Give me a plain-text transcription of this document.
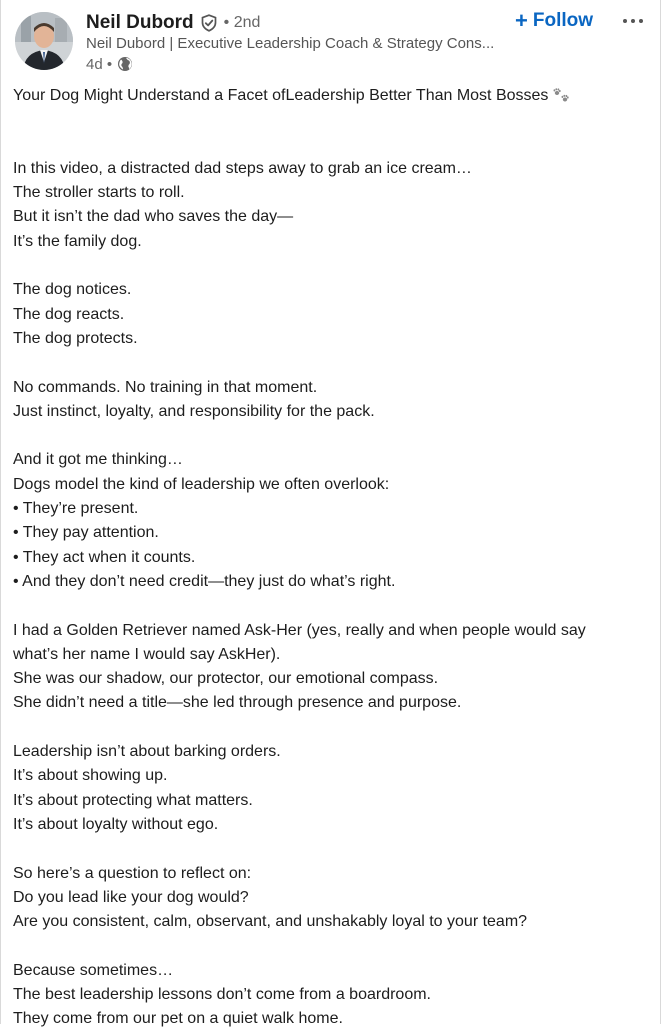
Neil Dubord • 2nd
Neil Dubord | Executive Leadership Coach & Strategy Cons...
4d •
+ Follow
Your Dog Might Understand a Facet ofLeadership Better Than Most Bosses
In this video, a distracted dad steps away to grab an ice cream…
The stroller starts to roll.
But it isn’t the dad who saves the day—
It’s the family dog.
The dog notices.
The dog reacts.
The dog protects.
No commands. No training in that moment.
Just instinct, loyalty, and responsibility for the pack.
And it got me thinking…
Dogs model the kind of leadership we often overlook:
• They’re present.
• They pay attention.
• They act when it counts.
• And they don’t need credit—they just do what’s right.
I had a Golden Retriever named Ask-Her (yes, really and when people would say
what’s her name I would say AskHer).
She was our shadow, our protector, our emotional compass.
She didn’t need a title—she led through presence and purpose.
Leadership isn’t about barking orders.
It’s about showing up.
It’s about protecting what matters.
It’s about loyalty without ego.
So here’s a question to reflect on:
Do you lead like your dog would?
Are you consistent, calm, observant, and unshakably loyal to your team?
Because sometimes…
The best leadership lessons don’t come from a boardroom.
They come from our pet on a quiet walk home.
